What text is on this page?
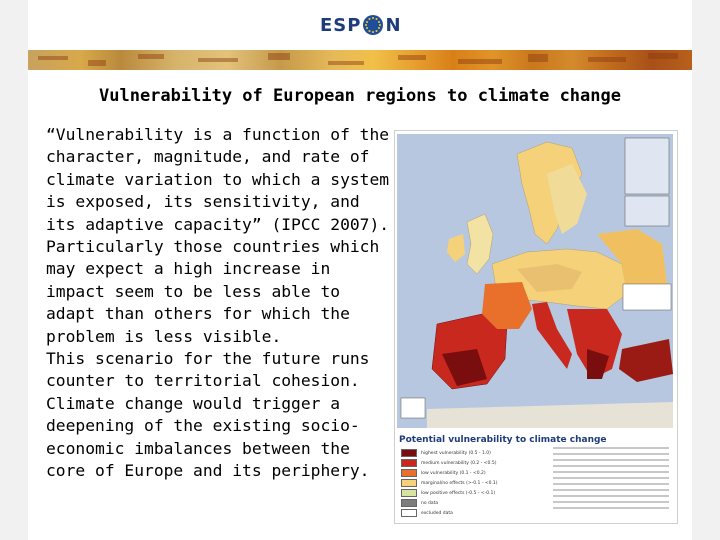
ESP N
Vulnerability of European regions to climate change

“Vulnerability is a function of the character, magnitude, and rate of climate variation to which a system is exposed, its sensitivity, and its adaptive capacity” (IPCC 2007).

Particularly those countries which may expect a high increase in impact seem to be less able to adapt than others for which the problem is less visible.

This scenario for the future runs counter to territorial cohesion.

Climate change would trigger a deepening of the existing socio-economic imbalances between the core of Europe and its periphery.

Potential vulnerability to climate change
highest vulnerability (0.5 - 1.0)
medium vulnerability (0.2 - <0.5)
low vulnerability (0.1 - <0.2)
marginal/no effects (>-0.1 - <0.1)
low positive effects (-0.5 - <-0.1)
no data
excluded data
